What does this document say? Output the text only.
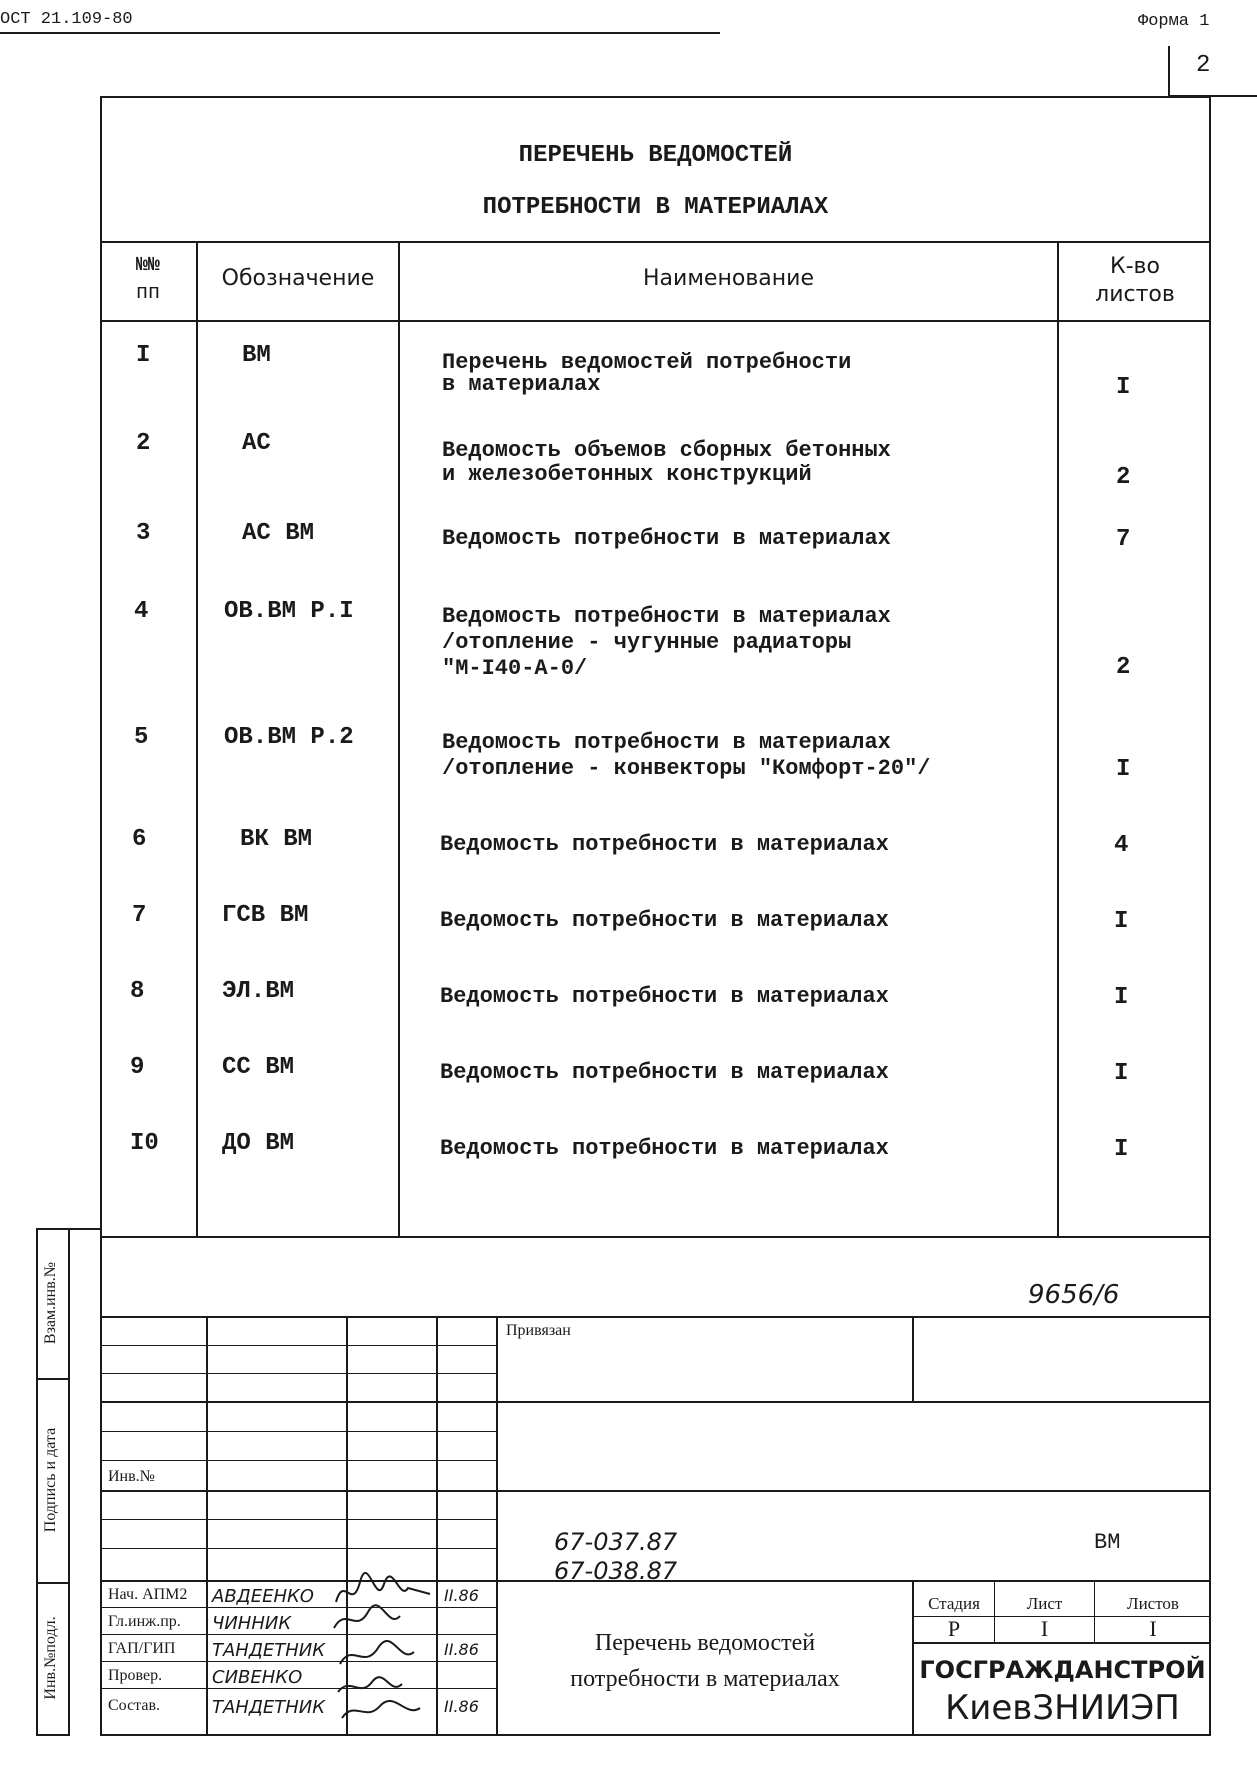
ОСТ 21.109-80	Форма 1
2
ПЕРЕЧЕНЬ ВЕДОМОСТЕЙ
ПОТРЕБНОСТИ В МАТЕРИАЛАХ
№№
пп
Обозначение	Наименование	К-во
листов
I	ВМ	Перечень ведомостей потребности
в материалах	I
2	АС	Ведомость объемов сборных бетонных
и железобетонных конструкций	2
3	АС ВМ	Ведомость потребности в материалах	7
4	ОВ.ВМ Р.I	Ведомость потребности в материалах
/отопление - чугунные радиаторы
"М-I40-А-0/	2
5	ОВ.ВМ Р.2	Ведомость потребности в материалах
/отопление - конвекторы "Комфорт-20"/	I
6	ВК ВМ	Ведомость потребности в материалах	4
7	ГСВ ВМ	Ведомость потребности в материалах	I
8	ЭЛ.ВМ	Ведомость потребности в материалах	I
9	СС ВМ	Ведомость потребности в материалах	I
I0	ДО ВМ	Ведомость потребности в материалах	I
9656/6
Привязан
Инв.№
67-037.87
67-038.87
ВМ
Перечень ведомостей
потребности в материалах
Стадия	Лист	Листов
Р	I	I
ГОСГРАЖДАНСТРОЙ
КиевЗНИИЭП
Нач. АПМ2 АВДЕЕНКО	II.86
Гл.инж.пр. ЧИННИК
ГАП/ГИП ТАНДЕТНИК	II.86
Провер.	СИВЕНКО
Состав.	ТАНДЕТНИК	II.86
Взам.инв.№
Подпись и дата
Инв.№подл.
